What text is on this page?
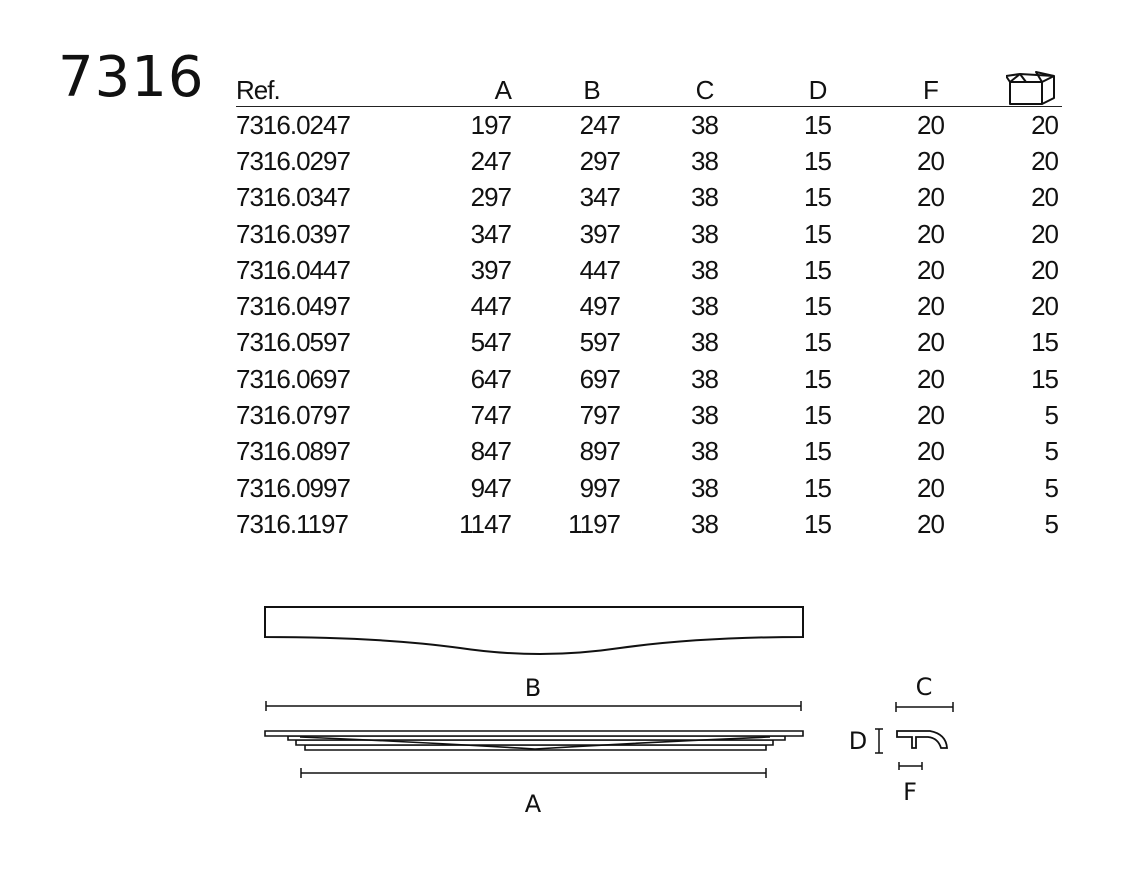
7316 Ref.	A	B	C	D	F	
7316.0247	197	247	38	15	20	20
7316.0297	247	297	38	15	20	20
7316.0347	297	347	38	15	20	20
7316.0397	347	397	38	15	20	20
7316.0447	397	447	38	15	20	20
7316.0497	447	497	38	15	20	20
7316.0597	547	597	38	15	20	15
7316.0697	647	697	38	15	20	15
7316.0797	747	797	38	15	20	5
7316.0897	847	897	38	15	20	5
7316.0997	947	997	38	15	20	5
7316.1197	1147	1197	38	15	20	5
B
A
C
D
F
